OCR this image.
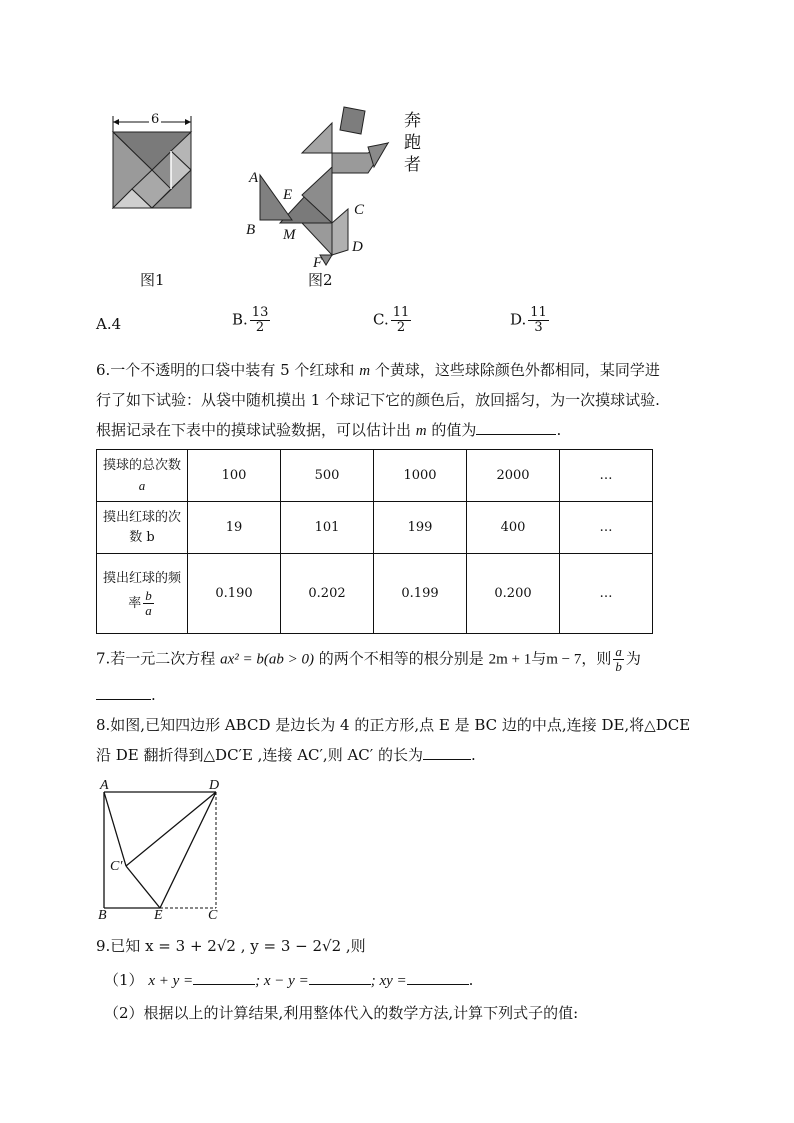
6
图1
A
E
B M
C
D
F
奔跑者
图2
A.4	B. $\frac{13}{2}$	C. $\frac{11}{2}$	D. $\frac{11}{3}$
6.一个不透明的口袋中装有 5 个红球和 m 个黄球，这些球除颜色外都相同，某同学进
行了如下试验：从袋中随机摸出 1 个球记下它的颜色后，放回摇匀，为一次摸球试验.
根据记录在下表中的摸球试验数据，可以估计出 m 的值为	.
摸球的总次数
a	100	500	1000	2000	…

摸出红球的次
数 b	19	101	199	400	…

摸出红球的频
率 $\frac{b}{a}$	0.190	0.202	0.199	0.200	…
7.若一元二次方程 ax² = b(ab > 0) 的两个不相等的根分别是 2m + 1与m − 7，则 $\frac{a}{b}$ 为
.
8.如图,已知四边形 ABCD 是边长为 4 的正方形,点 E 是 BC 边的中点,连接 DE,将△DCE
沿 DE 翻折得到△DC′E ,连接 AC′,则 AC′ 的长为	.
A	D
C′
B	E	C
9.已知 x = 3 + 2√2 , y = 3 − 2√2 ,则
（1） x + y =	; x − y =	; xy =	.
（2）根据以上的计算结果,利用整体代入的数学方法,计算下列式子的值:
